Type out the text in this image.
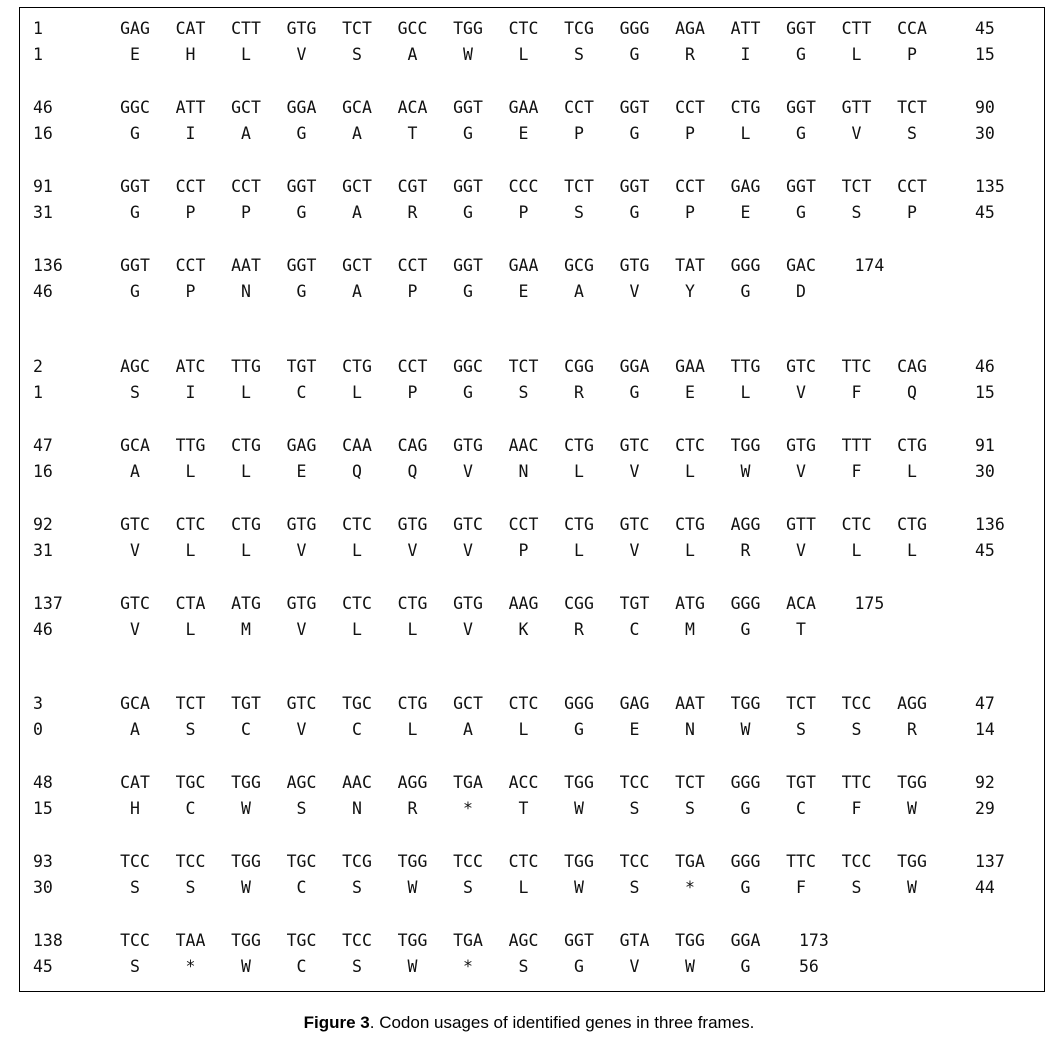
1	GAG	CAT	CTT	GTG	TCT	GCC	TGG	CTC	TCG	GGG	AGA	ATT	GGT	CTT	CCA	45
1	E	H	L	V	S	A	W	L	S	G	R	I	G	L	P	15
46	GGC	ATT	GCT	GGA	GCA	ACA	GGT	GAA	CCT	GGT	CCT	CTG	GGT	GTT	TCT	90
16	G	I	A	G	A	T	G	E	P	G	P	L	G	V	S	30
91	GGT	CCT	CCT	GGT	GCT	CGT	GGT	CCC	TCT	GGT	CCT	GAG	GGT	TCT	CCT	135
31	G	P	P	G	A	R	G	P	S	G	P	E	G	S	P	45
136	GGT	CCT	AAT	GGT	GCT	CCT	GGT	GAA	GCG	GTG	TAT	GGG	GAC	174
46	G	P	N	G	A	P	G	E	A	V	Y	G	D
2	AGC	ATC	TTG	TGT	CTG	CCT	GGC	TCT	CGG	GGA	GAA	TTG	GTC	TTC	CAG	46
1	S	I	L	C	L	P	G	S	R	G	E	L	V	F	Q	15
47	GCA	TTG	CTG	GAG	CAA	CAG	GTG	AAC	CTG	GTC	CTC	TGG	GTG	TTT	CTG	91
16	A	L	L	E	Q	Q	V	N	L	V	L	W	V	F	L	30
92	GTC	CTC	CTG	GTG	CTC	GTG	GTC	CCT	CTG	GTC	CTG	AGG	GTT	CTC	CTG	136
31	V	L	L	V	L	V	V	P	L	V	L	R	V	L	L	45
137	GTC	CTA	ATG	GTG	CTC	CTG	GTG	AAG	CGG	TGT	ATG	GGG	ACA	175
46	V	L	M	V	L	L	V	K	R	C	M	G	T
3	GCA	TCT	TGT	GTC	TGC	CTG	GCT	CTC	GGG	GAG	AAT	TGG	TCT	TCC	AGG	47
0	A	S	C	V	C	L	A	L	G	E	N	W	S	S	R	14
48	CAT	TGC	TGG	AGC	AAC	AGG	TGA	ACC	TGG	TCC	TCT	GGG	TGT	TTC	TGG	92
15	H	C	W	S	N	R	*	T	W	S	S	G	C	F	W	29
93	TCC	TCC	TGG	TGC	TCG	TGG	TCC	CTC	TGG	TCC	TGA	GGG	TTC	TCC	TGG	137
30	S	S	W	C	S	W	S	L	W	S	*	G	F	S	W	44
138	TCC	TAA	TGG	TGC	TCC	TGG	TGA	AGC	GGT	GTA	TGG	GGA	173
45	S	*	W	C	S	W	*	S	G	V	W	G	56
Figure 3. Codon usages of identified genes in three frames.
